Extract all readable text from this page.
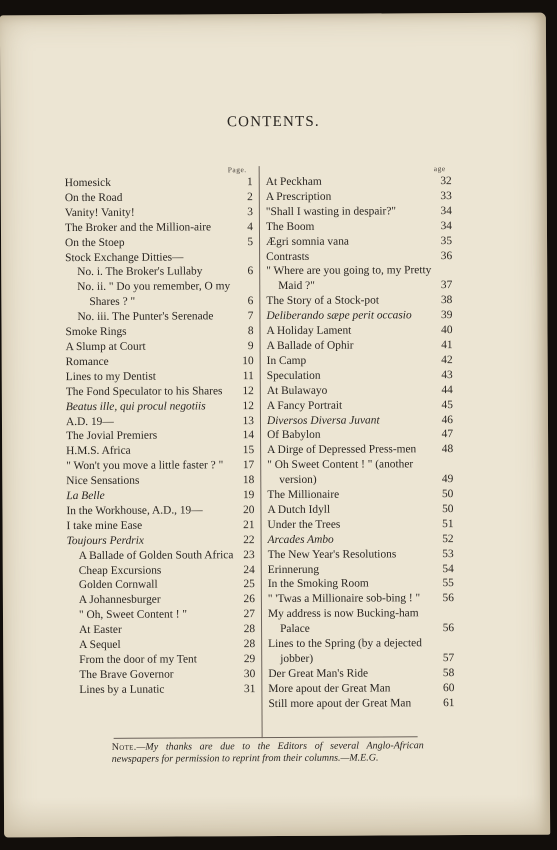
CONTENTS.
Page.
Homesick	1
On the Road	2
Vanity! Vanity!	3
The Broker and the Million-aire	4
On the Stoep	5
Stock Exchange Ditties—
No. i. The Broker's Lullaby	6
No. ii. " Do you remember, O my Shares ? "	6
No. iii. The Punter's Serenade	7
Smoke Rings	8
A Slump at Court	9
Romance	10
Lines to my Dentist	11
The Fond Speculator to his Shares	12
Beatus ille, qui procul negotiis	12
A.D. 19—	13
The Jovial Premiers	14
H.M.S. Africa	15
" Won't you move a little faster ? "	17
Nice Sensations	18
La Belle	19
In the Workhouse, A.D., 19—	20
I take mine Ease	21
Toujours Perdrix	22
A Ballade of Golden South Africa 23
Cheap Excursions	24
Golden Cornwall	25
A Johannesburger	26
" Oh, Sweet Content ! "	27
At Easter	28
A Sequel	28
From the door of my Tent	29
The Brave Governor	30
Lines by a Lunatic	31
age
At Peckham	32
A Prescription	33
"Shall I wasting in despair?"	34
The Boom	34
Ægri somnia vana	35
Contrasts	36
" Where are you going to, my Pretty Maid ?"	37
The Story of a Stock-pot	38
Deliberando sæpe perit occasio	39
A Holiday Lament	40
A Ballade of Ophir	41
In Camp	42
Speculation	43
At Bulawayo	44
A Fancy Portrait	45
Diversos Diversa Juvant	46
Of Babylon	47
A Dirge of Depressed Press-men	48
" Oh Sweet Content ! " (another version)	49
The Millionaire	50
A Dutch Idyll	50
Under the Trees	51
Arcades Ambo	52
The New Year's Resolutions	53
Erinnerung	54
In the Smoking Room	55
" 'Twas a Millionaire sob-bing ! "	56
My address is now Bucking-ham Palace	56
Lines to the Spring (by a dejected jobber)	57
Der Great Man's Ride	58
More apout der Great Man	60
Still more apout der Great Man	61
Note.—My thanks are due to the Editors of several Anglo-African newspapers for permission to reprint from their columns.—M.E.G.
